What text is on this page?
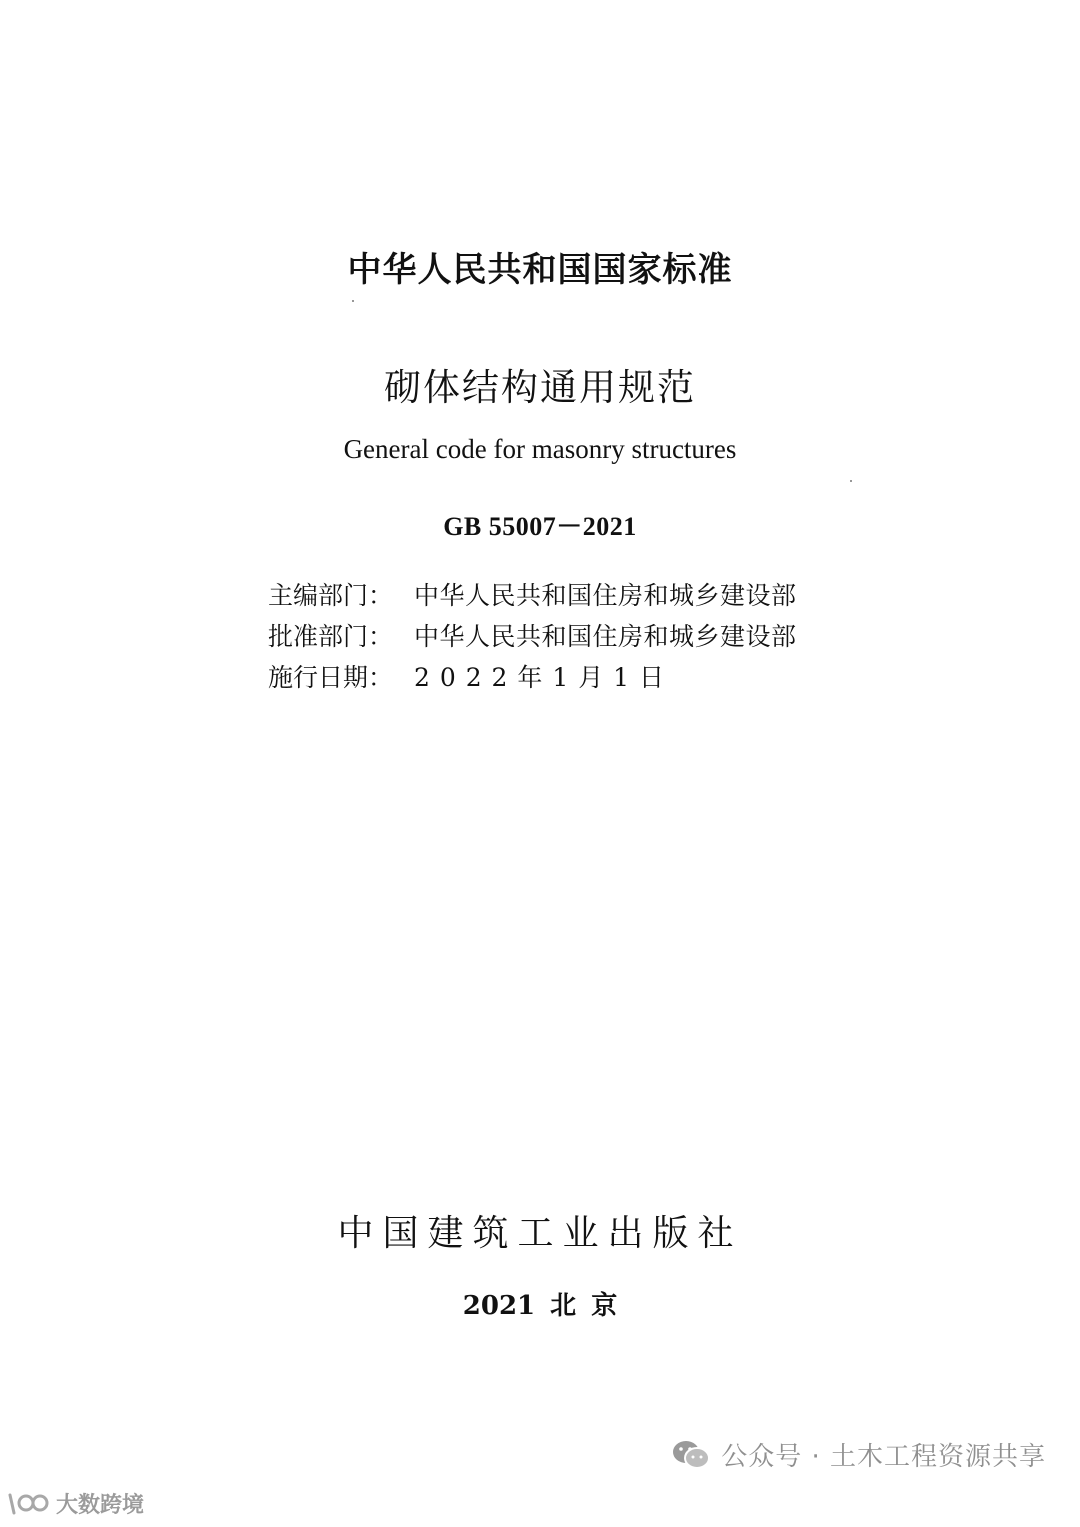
中华人民共和国国家标准
砌体结构通用规范
General code for masonry structures
GB 55007－2021
主编部门： 中华人民共和国住房和城乡建设部
批准部门： 中华人民共和国住房和城乡建设部
施行日期： 2 0 2 2 年 1 月 1 日
中国建筑工业出版社
2021 北 京
公众号 · 土木工程资源共享
大数跨境
